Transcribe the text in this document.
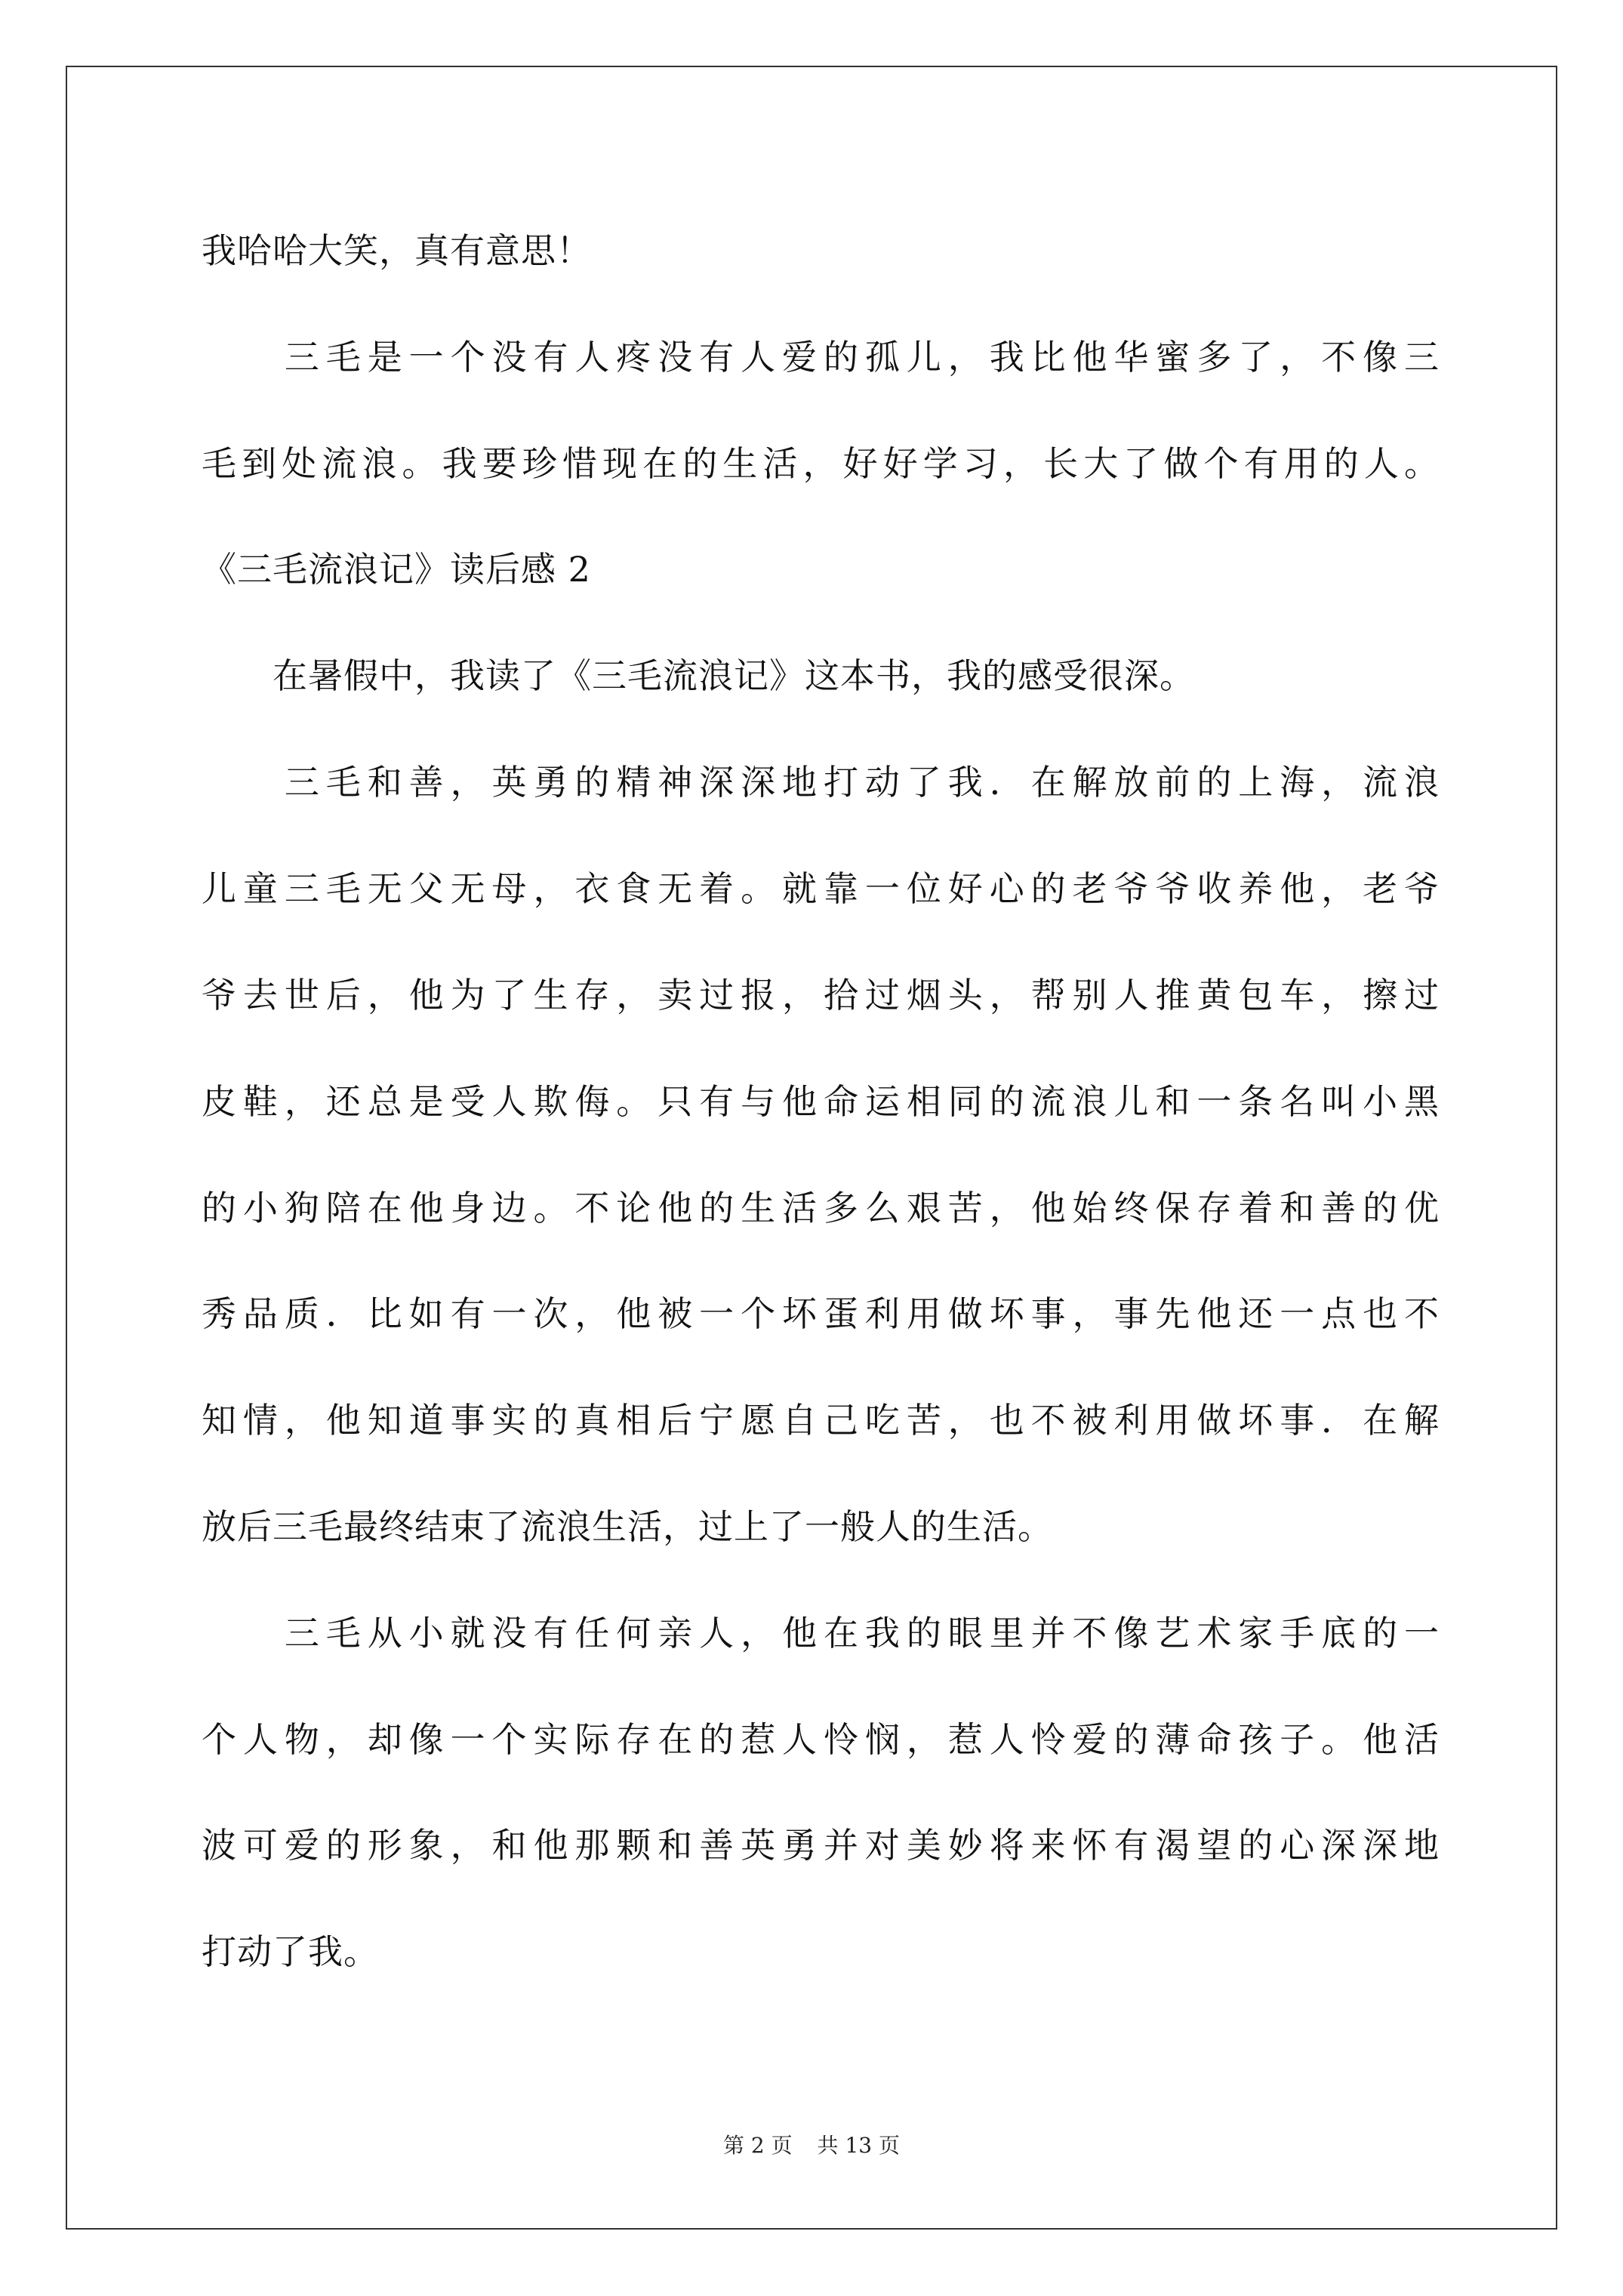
我哈哈大笑，真有意思！
　　三毛是一个没有人疼没有人爱的孤儿，我比他华蜜多了，不像三
毛到处流浪。我要珍惜现在的生活，好好学习，长大了做个有用的人。
《三毛流浪记》读后感 2
　　在暑假中，我读了《三毛流浪记》这本书，我的感受很深。
　　三毛和善，英勇的精神深深地打动了我．在解放前的上海，流浪
儿童三毛无父无母，衣食无着。就靠一位好心的老爷爷收养他，老爷
爷去世后，他为了生存，卖过报，拾过烟头，帮别人推黄包车，擦过
皮鞋，还总是受人欺侮。只有与他命运相同的流浪儿和一条名叫小黑
的小狗陪在他身边。不论他的生活多么艰苦，他始终保存着和善的优
秀品质．比如有一次，他被一个坏蛋利用做坏事，事先他还一点也不
知情，他知道事实的真相后宁愿自己吃苦，也不被利用做坏事．在解
放后三毛最终结束了流浪生活，过上了一般人的生活。
　　三毛从小就没有任何亲人，他在我的眼里并不像艺术家手底的一
个人物，却像一个实际存在的惹人怜悯，惹人怜爱的薄命孩子。他活
波可爱的形象，和他那颗和善英勇并对美妙将来怀有渴望的心深深地
打动了我。
第 2 页 共 13 页
